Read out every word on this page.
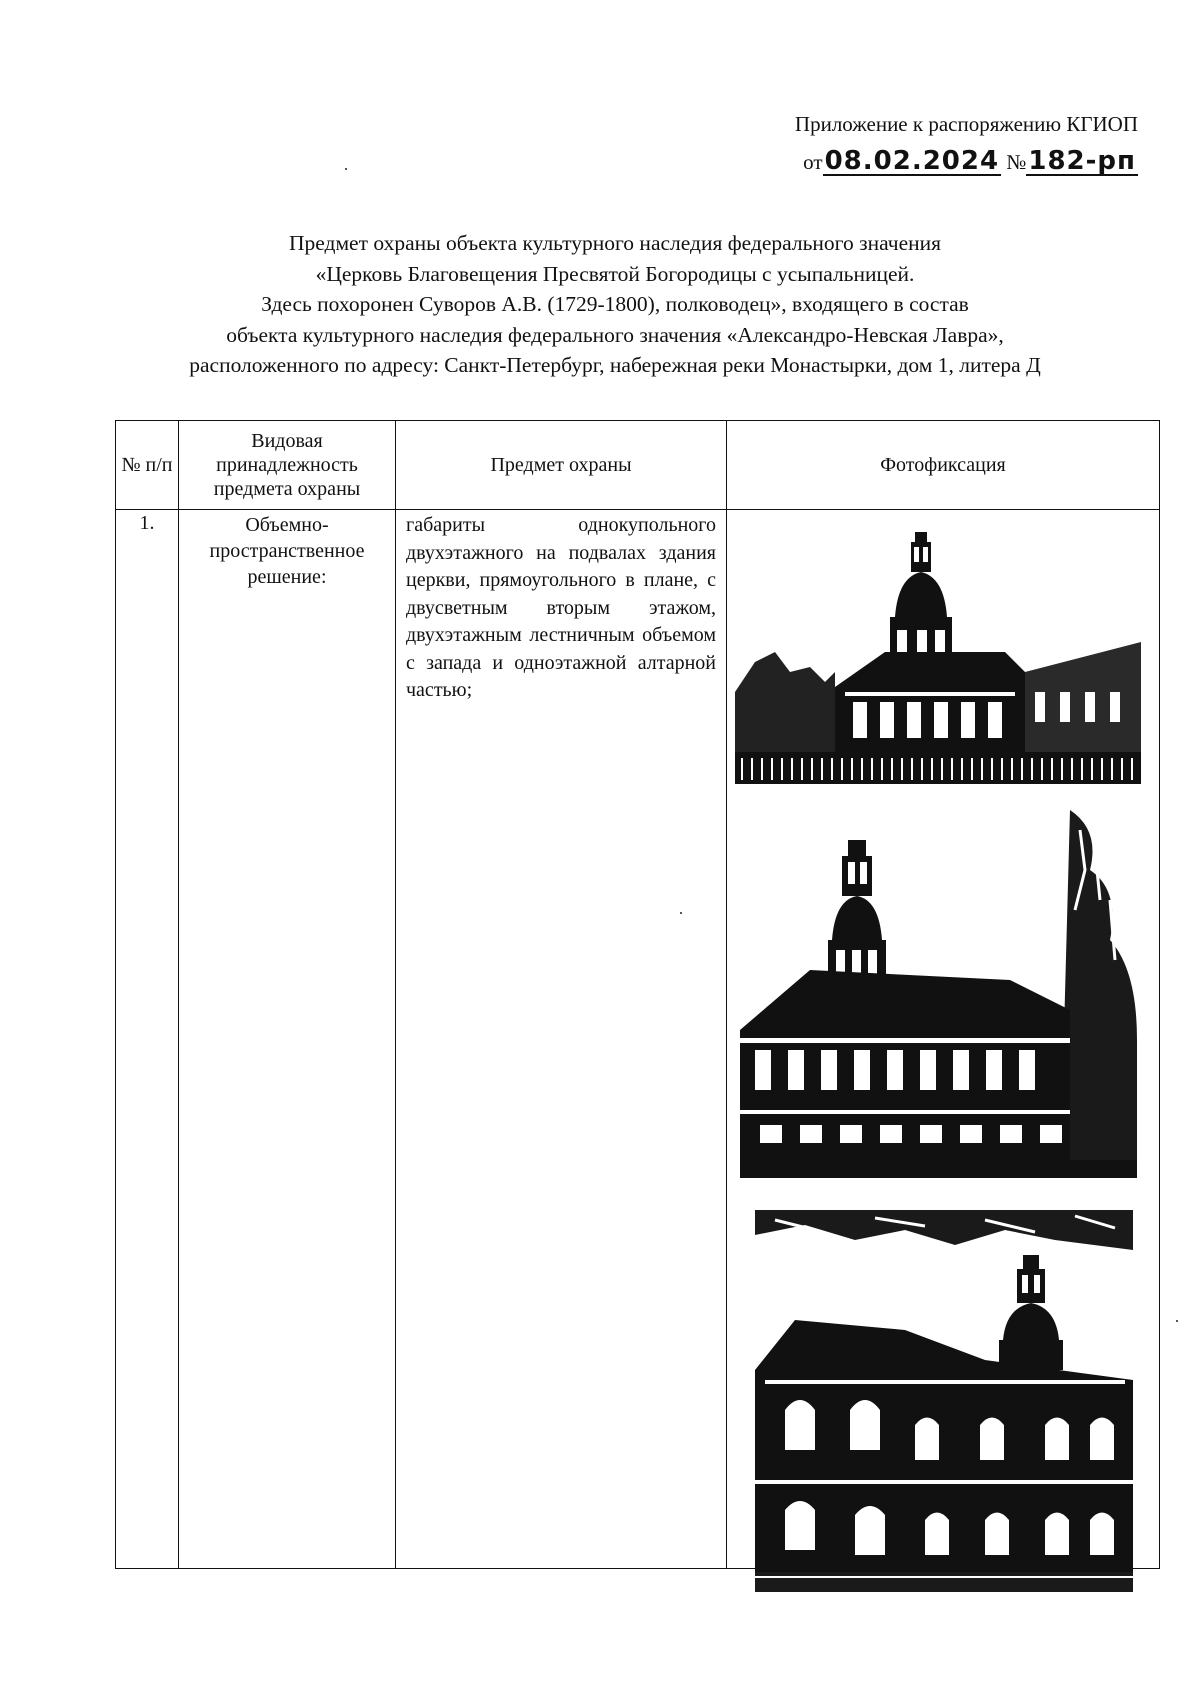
Приложение к распоряжению КГИОП
от08.02.2024 №182-рп
Предмет охраны объекта культурного наследия федерального значения
«Церковь Благовещения Пресвятой Богородицы с усыпальницей.
Здесь похоронен Суворов А.В. (1729-1800), полководец», входящего в состав
объекта культурного наследия федерального значения «Александро-Невская Лавра»,
расположенного по адресу: Санкт-Петербург, набережная реки Монастырки, дом 1, литера Д
№ п/п	Видовая принадлежность предмета охраны	Предмет охраны	Фотофиксация
1.	Объемно-пространственное решение:	габариты однокупольного двухэтажного на подвалах здания церкви, прямоугольного в плане, с двусветным вторым этажом, двухэтажным лестничным объемом с запада и одноэтажной алтарной частью;	
